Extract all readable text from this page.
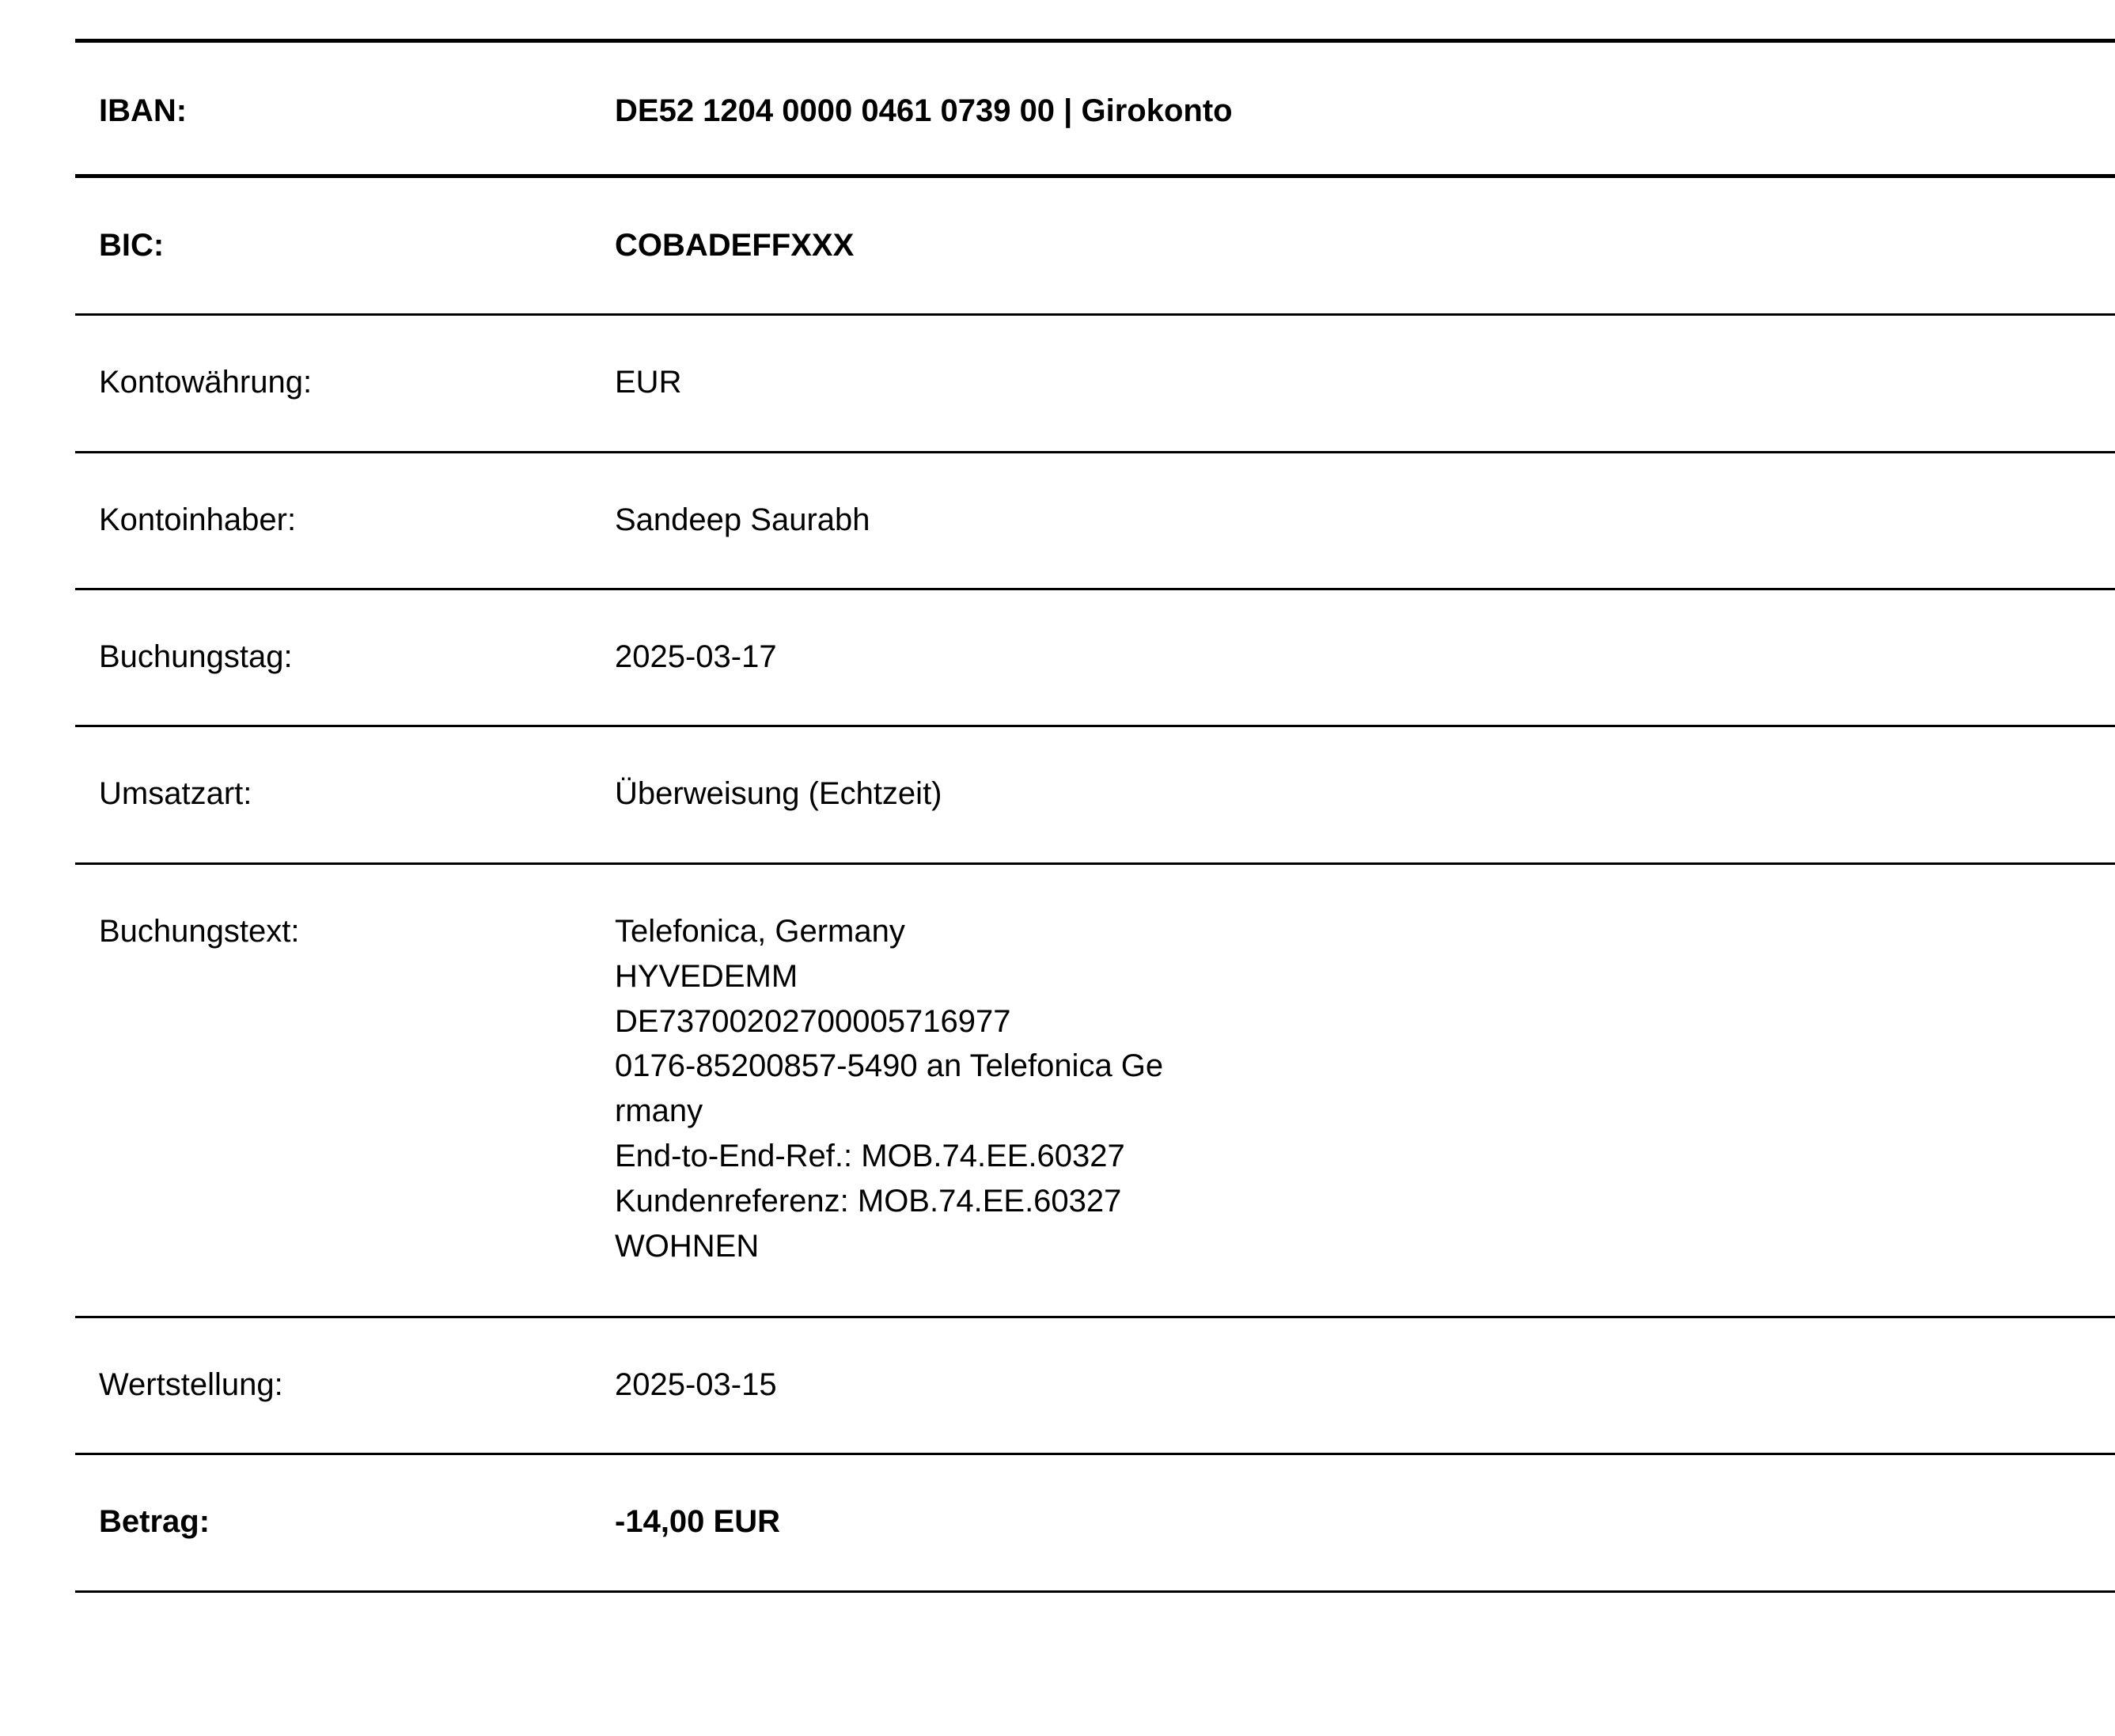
IBAN:	DE52 1204 0000 0461 0739 00 | Girokonto
BIC:	COBADEFFXXX
Kontowährung:	EUR
Kontoinhaber:	Sandeep Saurabh
Buchungstag:	2025-03-17
Umsatzart:	Überweisung (Echtzeit)
Buchungstext:	Telefonica, Germany
HYVEDEMM
DE73700202700005716977
0176-85200857-5490 an Telefonica Ge
rmany
End-to-End-Ref.: MOB.74.EE.60327
Kundenreferenz: MOB.74.EE.60327
WOHNEN
Wertstellung:	2025-03-15
Betrag:	-14,00 EUR
